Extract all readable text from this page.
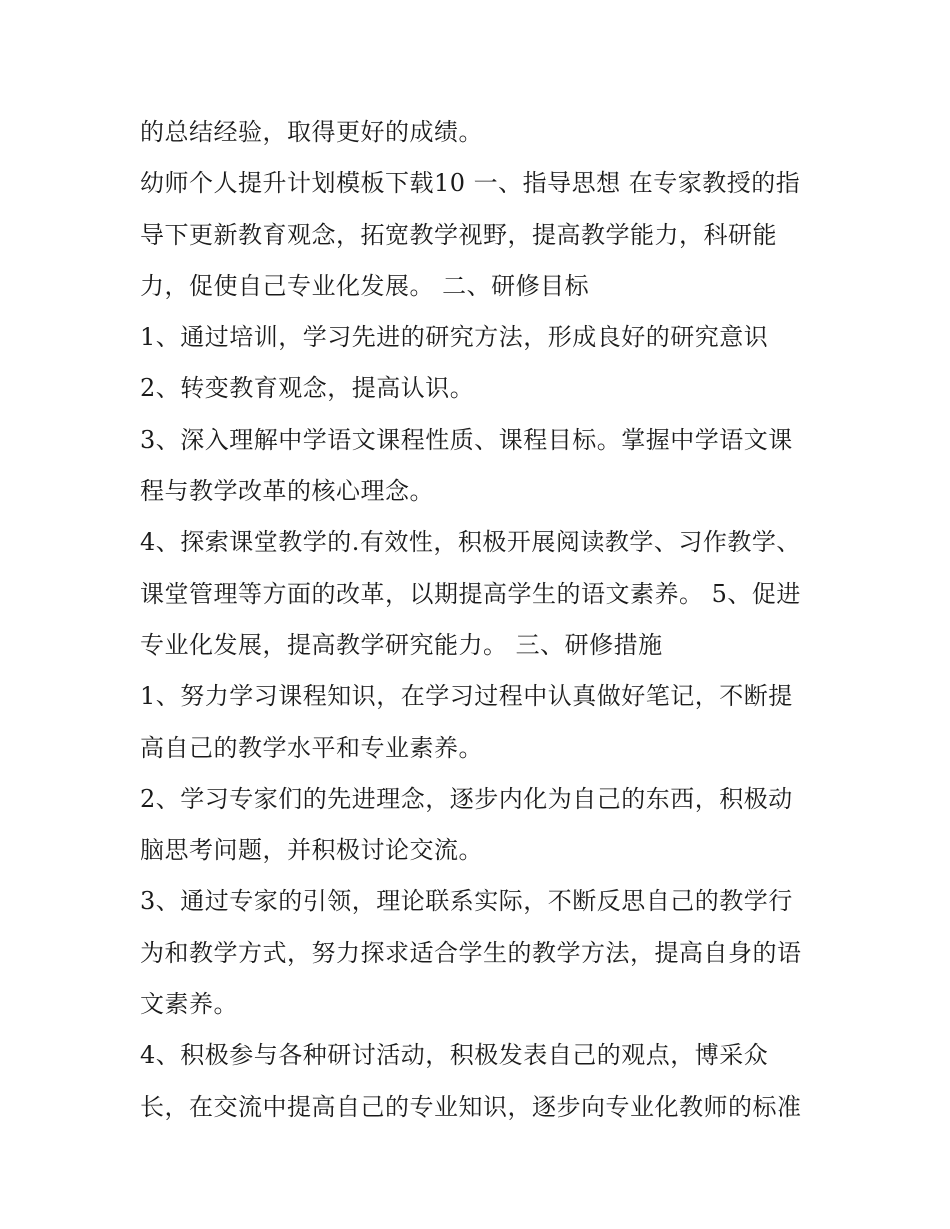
的总结经验，取得更好的成绩。
幼师个人提升计划模板下载10 一、指导思想 在专家教授的指
导下更新教育观念，拓宽教学视野，提高教学能力，科研能
力，促使自己专业化发展。 二、研修目标
1、通过培训，学习先进的研究方法，形成良好的研究意识
2、转变教育观念，提高认识。
3、深入理解中学语文课程性质、课程目标。掌握中学语文课
程与教学改革的核心理念。
4、探索课堂教学的.有效性，积极开展阅读教学、习作教学、
课堂管理等方面的改革，以期提高学生的语文素养。 5、促进
专业化发展，提高教学研究能力。 三、研修措施
1、努力学习课程知识，在学习过程中认真做好笔记，不断提
高自己的教学水平和专业素养。
2、学习专家们的先进理念，逐步内化为自己的东西，积极动
脑思考问题，并积极讨论交流。
3、通过专家的引领，理论联系实际，不断反思自己的教学行
为和教学方式，努力探求适合学生的教学方法，提高自身的语
文素养。
4、积极参与各种研讨活动，积极发表自己的观点，博采众
长，在交流中提高自己的专业知识，逐步向专业化教师的标准
